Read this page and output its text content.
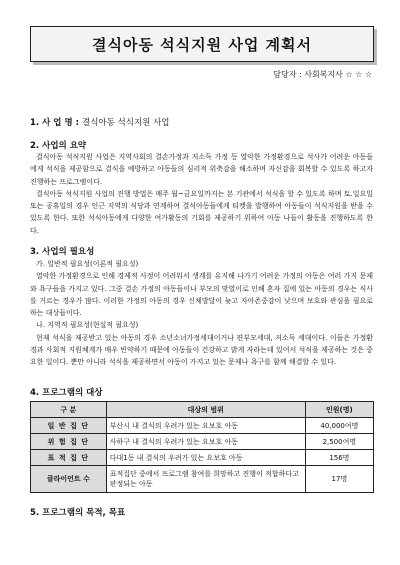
결식아동 석식지원 사업 계획서
담당자 : 사회복지사 ☆ ☆ ☆
1. 사 업 명 : 결식아동 석식지원 사업
2. 사업의 요약

결식아동 석식지원 사업은 지역사회의 결손가정과 저소득 가정 등 열악한 가정환경으로 석사가 어려운 아동들에게 석식을 제공함으로 결식을 예방하고 아동들의 심리적 위축감을 해소하며 자신감을 회복할 수 있도록 하고자 진행하는 프로그램이다.

결식아동 석식지원 사업의 진행 방법은 매주 월~금요일까지는 본 기관에서 석식을 할 수 있도록 하며 토.일요일 또는 공휴일의 경우 인근 지역의 식당과 연계하여 결식아동들에게 티켓을 발행하여 아동들이 석식지원을 받을 수 있도록 한다. 또한 석식아동에게 다양한 여가활동의 기회를 제공하기 위하여 아동 나들이 활동을 진행하도록 한다.

3. 사업의 필요성

가. 일반적 필요성(이론적 필요성)

열악한 가정환경으로 인해 경제적 사정이 어려워서 생계를 유지해 나가기 어려운 가정의 아동은 여러 가지 문제와 욕구들을 가지고 있다. 그중 결손 가정의 아동들이나 부모의 맞벌이로 인해 혼자 집에 있는 아동의 경우는 식사를 거르는 경우가 많다. 이러한 가정의 아동의 경우 신체발달이 늦고 자아존중감이 낮으며 보호와 관심을 필요로 하는 대상들이다.

나. 지역적 필요성(현실적 필요성)

현재 석식을 제공받고 있는 아동의 경우 소년소녀가정세대이거나 편부모세대, 저소득 세대이다. 이들은 가정환경과 사회적 지원체계가 매우 빈약하기 때문에 아동들이 건강하고 밝게 자라는데 있어서 석식을 제공하는 것은 중요한 일이다. 뿐만 아니라 석식을 제공하면서 아동이 가지고 있는 문제나 욕구를 함께 해결할 수 있다.

4. 프로그램의 대상
구 분	대상의 범위	인원(명)
일 반 집 단	부산시 내 결식의 우려가 있는 요보호 아동	40,000여명
위 험 집 단	사하구 내 결식의 우려가 있는 요보호 아동	2,500여명
표 적 집 단	다대1동 내 결식의 우려가 있는 요보호 아동	156명
클라이언트 수	표적집단 중에서 프로그램 참여를 희망하고 진행이 적합하다고 판정되는 아동	17명
5. 프로그램의 목적, 목표
